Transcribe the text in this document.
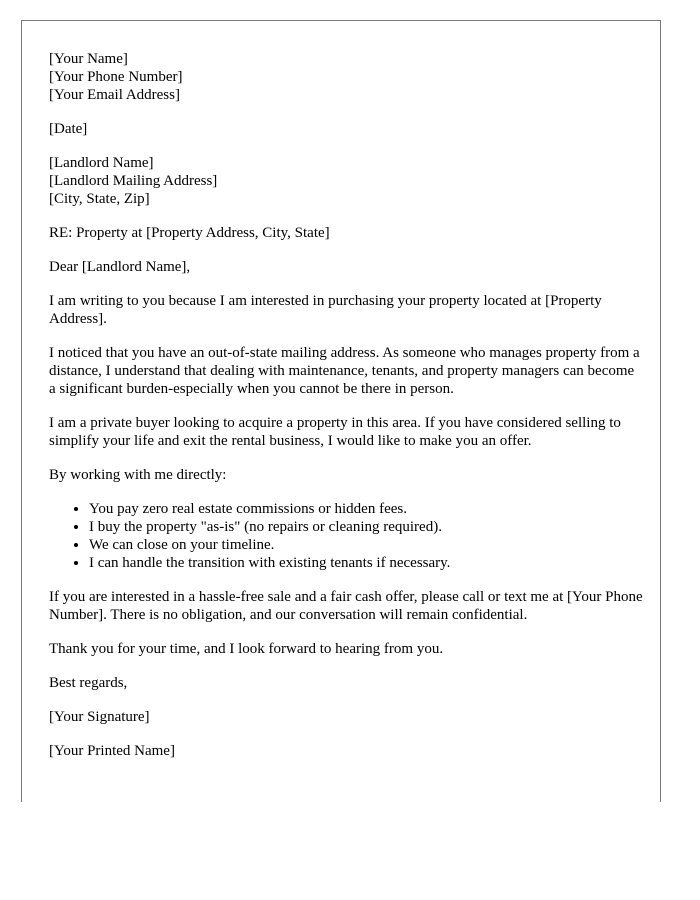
[Your Name]
[Your Phone Number]
[Your Email Address]
[Date]
[Landlord Name]
[Landlord Mailing Address]
[City, State, Zip]

RE: Property at [Property Address, City, State]

Dear [Landlord Name],

I am writing to you because I am interested in purchasing your property located at [Property Address].

I noticed that you have an out-of-state mailing address. As someone who manages property from a distance, I understand that dealing with maintenance, tenants, and property managers can become a significant burden-especially when you cannot be there in person.

I am a private buyer looking to acquire a property in this area. If you have considered selling to simplify your life and exit the rental business, I would like to make you an offer.

By working with me directly:

• You pay zero real estate commissions or hidden fees.
• I buy the property "as-is" (no repairs or cleaning required).
• We can close on your timeline.
• I can handle the transition with existing tenants if necessary.

If you are interested in a hassle-free sale and a fair cash offer, please call or text me at [Your Phone Number]. There is no obligation, and our conversation will remain confidential.

Thank you for your time, and I look forward to hearing from you.

Best regards,

[Your Signature]

[Your Printed Name]
